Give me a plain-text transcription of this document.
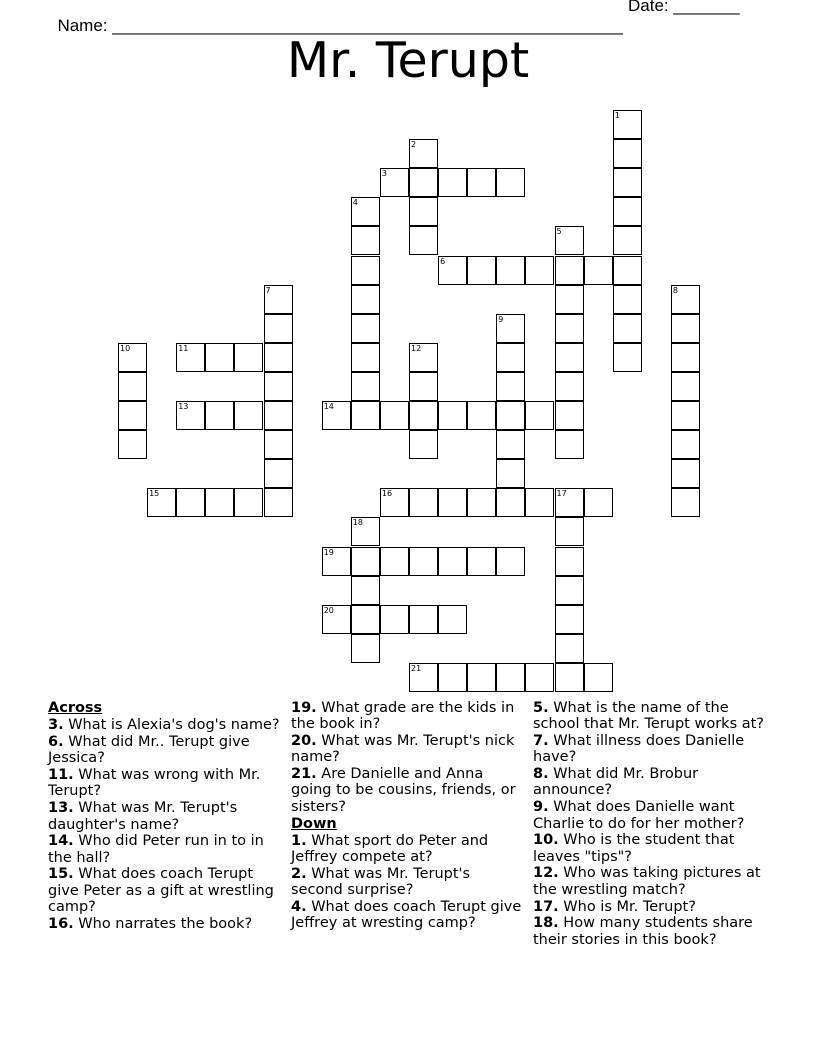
Name: ______________________________________________________

Date: _______

Mr. Terupt
1
2
3
4
5
6
7	8
9
10	11	12
13	14
15	16	17
18
19
20
21
Across
3. What is Alexia's dog's name?
6. What did Mr.. Terupt give Jessica?
11. What was wrong with Mr. Terupt?
13. What was Mr. Terupt's daughter's name?
14. Who did Peter run in to in the hall?
15. What does coach Terupt give Peter as a gift at wrestling camp?
16. Who narrates the book?
19. What grade are the kids in the book in?
20. What was Mr. Terupt's nick name?
21. Are Danielle and Anna going to be cousins, friends, or sisters?
Down
1. What sport do Peter and Jeffrey compete at?
2. What was Mr. Terupt's second surprise?
4. What does coach Terupt give Jeffrey at wresting camp?
5. What is the name of the school that Mr. Terupt works at?
7. What illness does Danielle have?
8. What did Mr. Brobur announce?
9. What does Danielle want Charlie to do for her mother?
10. Who is the student that leaves "tips"?
12. Who was taking pictures at the wrestling match?
17. Who is Mr. Terupt?
18. How many students share their stories in this book?
